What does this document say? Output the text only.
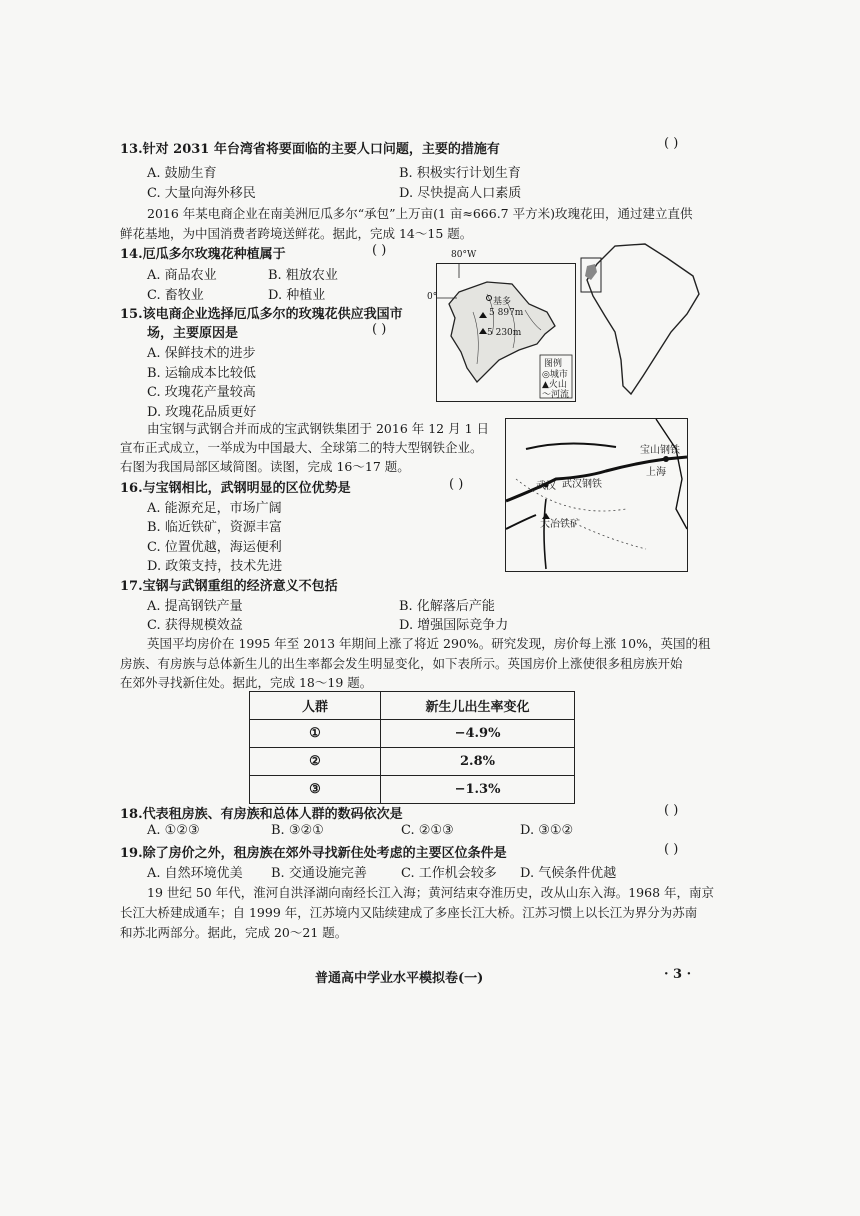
13.针对 2031 年台湾省将要面临的主要人口问题，主要的措施有	( )
A. 鼓励生育	B. 积极实行计划生育
C. 大量向海外移民	D. 尽快提高人口素质
2016 年某电商企业在南美洲厄瓜多尔“承包”上万亩(1 亩≈666.7 平方米)玫瑰花田，通过建立直供
鲜花基地，为中国消费者跨境送鲜花。据此，完成 14～15 题。
14.厄瓜多尔玫瑰花种植属于	( )
A. 商品农业	B. 粗放农业
C. 畜牧业	D. 种植业
15.该电商企业选择厄瓜多尔的玫瑰花供应我国市
场，主要原因是	( )
A. 保鲜技术的进步
B. 运输成本比较低
C. 玫瑰花产量较高
D. 玫瑰花品质更好
80°W
0°	基多
5 897m
5 230m
图例
◎城市
▲火山
〜河流
由宝钢与武钢合并而成的宝武钢铁集团于 2016 年 12 月 1 日
宣布正式成立，一举成为中国最大、全球第二的特大型钢铁企业。
右图为我国局部区域简图。读图，完成 16～17 题。
宝山钢铁
上海
武汉 武汉钢铁
大冶铁矿
16.与宝钢相比，武钢明显的区位优势是	( )
A. 能源充足，市场广阔
B. 临近铁矿，资源丰富
C. 位置优越，海运便利
D. 政策支持，技术先进
17.宝钢与武钢重组的经济意义不包括
A. 提高钢铁产量	B. 化解落后产能
C. 获得规模效益	D. 增强国际竞争力
英国平均房价在 1995 年至 2013 年期间上涨了将近 290%。研究发现，房价每上涨 10%，英国的租
房族、有房族与总体新生儿的出生率都会发生明显变化，如下表所示。英国房价上涨使很多租房族开始
在郊外寻找新住处。据此，完成 18～19 题。
人群	新生儿出生率变化
①	−4.9%
②	2.8%
③	−1.3%
18.代表租房族、有房族和总体人群的数码依次是	( )
A. ①②③	B. ③②①	C. ②①③	D. ③①②
19.除了房价之外，租房族在郊外寻找新住处考虑的主要区位条件是	( )
A. 自然环境优美 B. 交通设施完善	C. 工作机会较多 D. 气候条件优越
19 世纪 50 年代，淮河自洪泽湖向南经长江入海；黄河结束夺淮历史，改从山东入海。1968 年，南京
长江大桥建成通车；自 1999 年，江苏境内又陆续建成了多座长江大桥。江苏习惯上以长江为界分为苏南
和苏北两部分。据此，完成 20～21 题。
普通高中学业水平模拟卷(一)	· 3 ·
